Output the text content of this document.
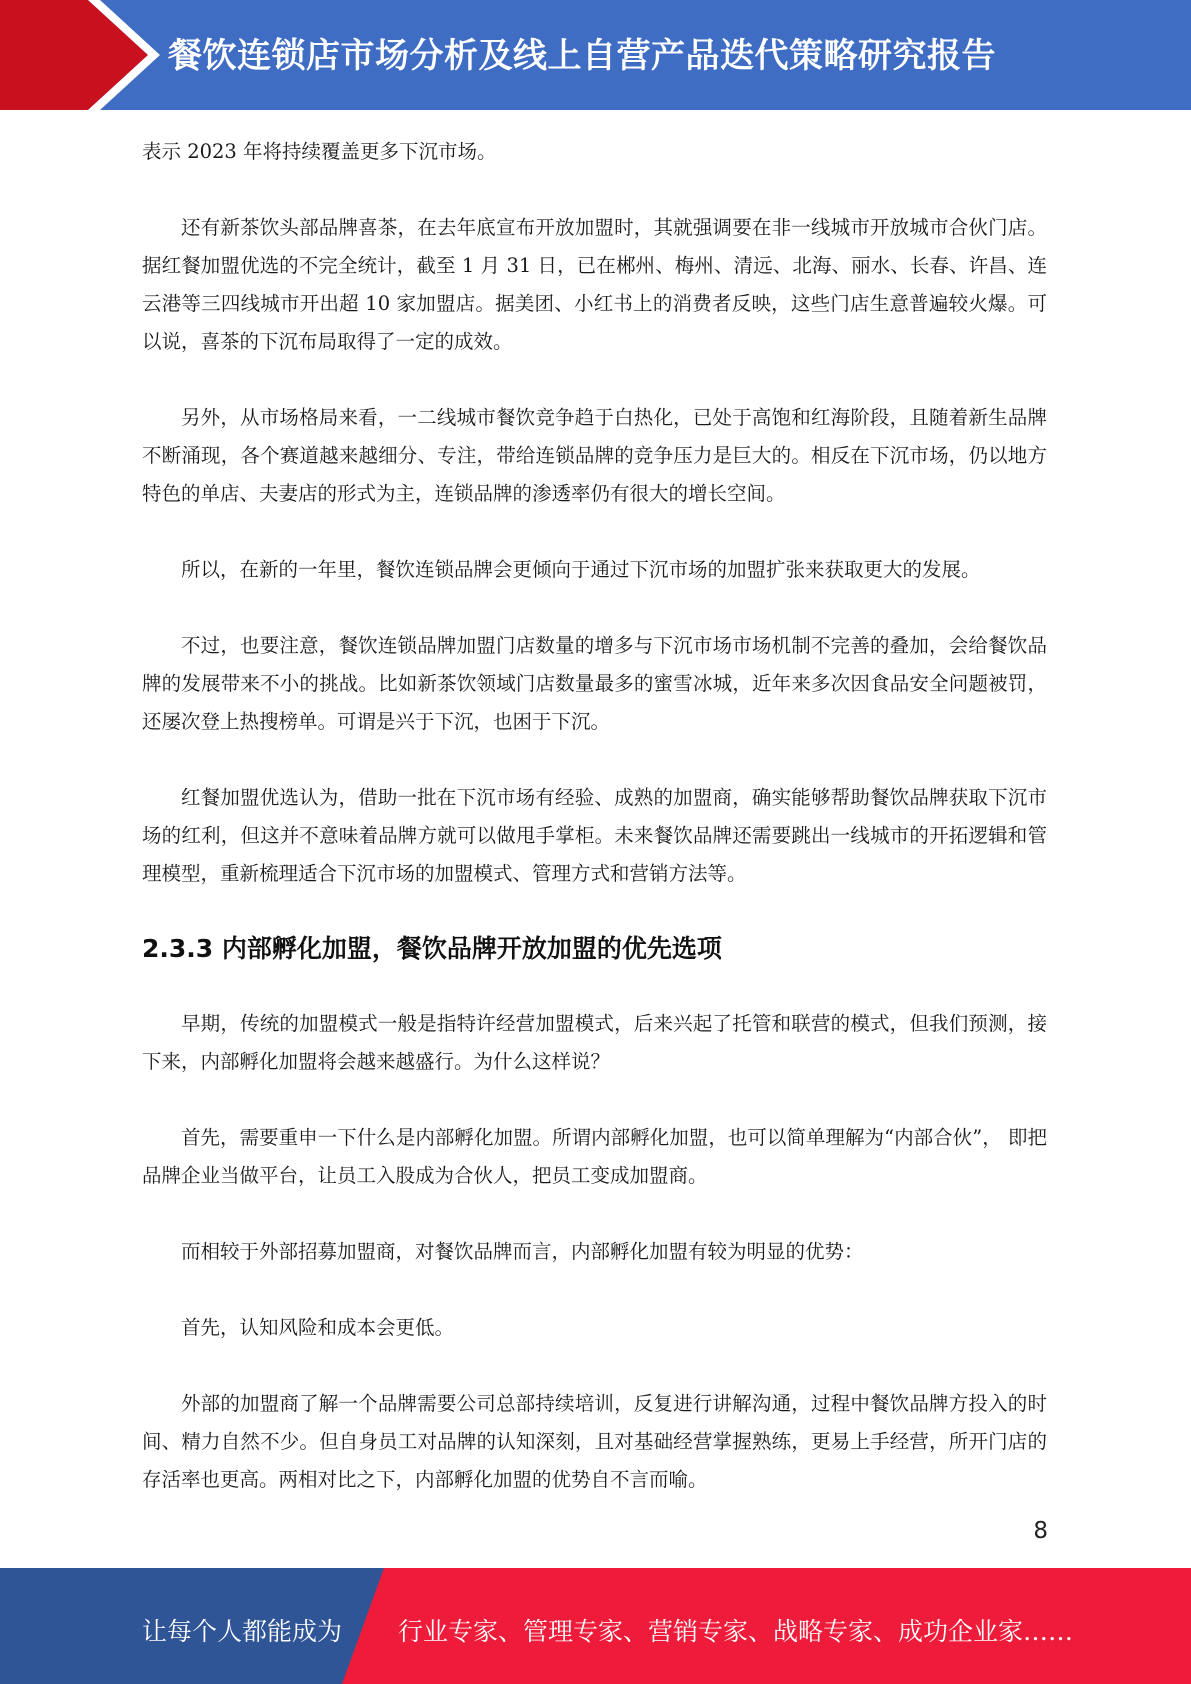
餐饮连锁店市场分析及线上自营产品迭代策略研究报告

表示 2023 年将持续覆盖更多下沉市场。

还有新茶饮头部品牌喜茶，在去年底宣布开放加盟时，其就强调要在非一线城市开放城市合伙门店。据红餐加盟优选的不完全统计，截至 1 月 31 日，已在郴州、梅州、清远、北海、丽水、长春、许昌、连云港等三四线城市开出超 10 家加盟店。据美团、小红书上的消费者反映，这些门店生意普遍较火爆。可以说，喜茶的下沉布局取得了一定的成效。

另外，从市场格局来看，一二线城市餐饮竞争趋于白热化，已处于高饱和红海阶段，且随着新生品牌不断涌现，各个赛道越来越细分、专注，带给连锁品牌的竞争压力是巨大的。相反在下沉市场，仍以地方特色的单店、夫妻店的形式为主，连锁品牌的渗透率仍有很大的增长空间。

所以，在新的一年里，餐饮连锁品牌会更倾向于通过下沉市场的加盟扩张来获取更大的发展。

不过，也要注意，餐饮连锁品牌加盟门店数量的增多与下沉市场市场机制不完善的叠加，会给餐饮品牌的发展带来不小的挑战。比如新茶饮领域门店数量最多的蜜雪冰城，近年来多次因食品安全问题被罚，还屡次登上热搜榜单。可谓是兴于下沉，也困于下沉。

红餐加盟优选认为，借助一批在下沉市场有经验、成熟的加盟商，确实能够帮助餐饮品牌获取下沉市场的红利，但这并不意味着品牌方就可以做甩手掌柜。未来餐饮品牌还需要跳出一线城市的开拓逻辑和管理模型，重新梳理适合下沉市场的加盟模式、管理方式和营销方法等。

2.3.3 内部孵化加盟，餐饮品牌开放加盟的优先选项

早期，传统的加盟模式一般是指特许经营加盟模式，后来兴起了托管和联营的模式，但我们预测，接下来，内部孵化加盟将会越来越盛行。为什么这样说？

首先，需要重申一下什么是内部孵化加盟。所谓内部孵化加盟，也可以简单理解为“内部合伙”， 即把品牌企业当做平台，让员工入股成为合伙人，把员工变成加盟商。

而相较于外部招募加盟商，对餐饮品牌而言，内部孵化加盟有较为明显的优势：

首先，认知风险和成本会更低。

外部的加盟商了解一个品牌需要公司总部持续培训，反复进行讲解沟通，过程中餐饮品牌方投入的时间、精力自然不少。但自身员工对品牌的认知深刻，且对基础经营掌握熟练，更易上手经营，所开门店的存活率也更高。两相对比之下，内部孵化加盟的优势自不言而喻。

8
让每个人都能成为 行业专家、管理专家、营销专家、战略专家、成功企业家……
